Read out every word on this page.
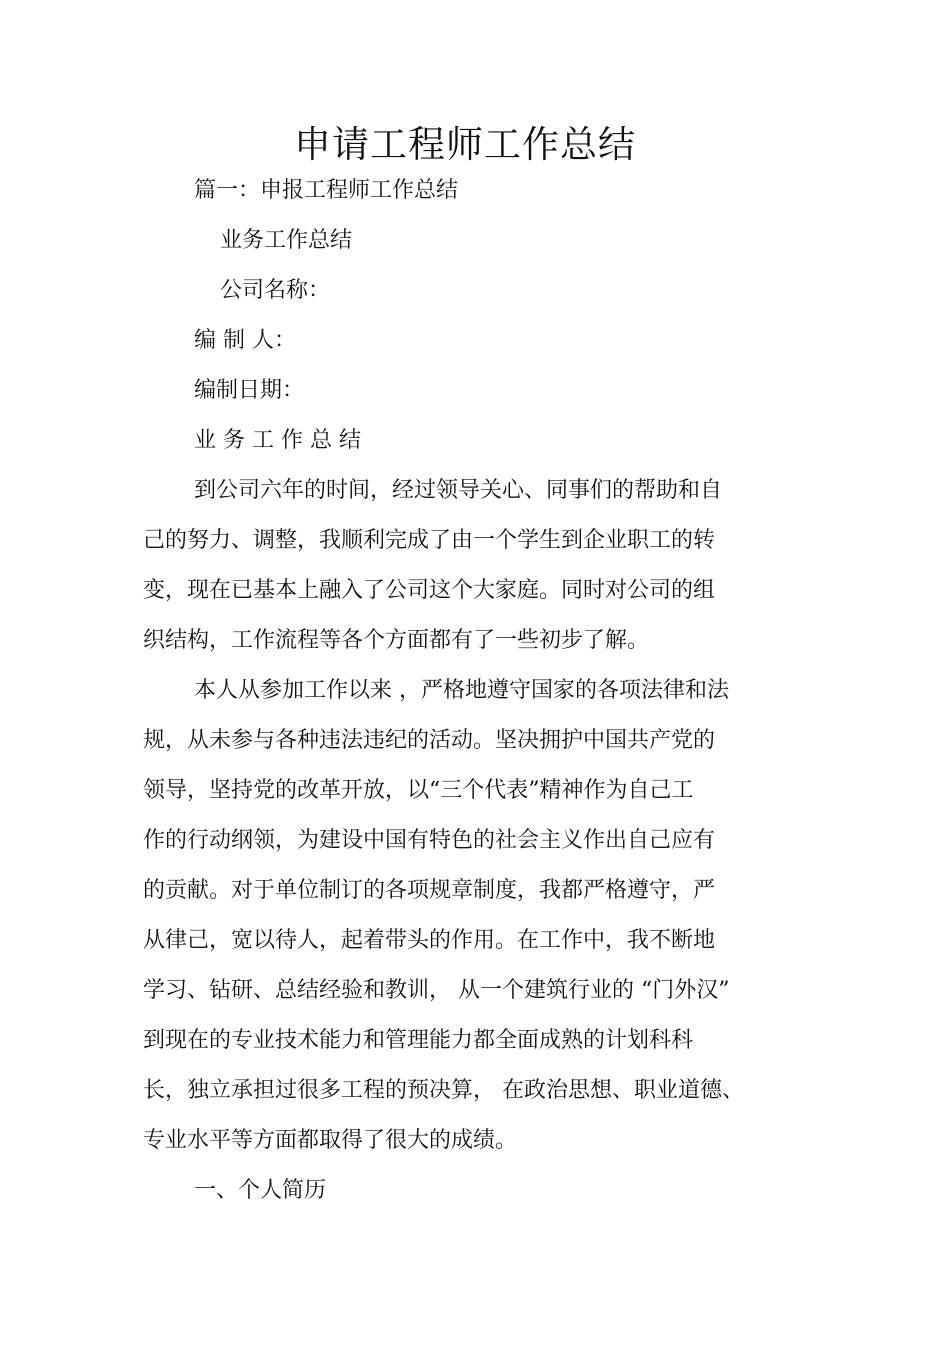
申请工程师工作总结
篇一：申报工程师工作总结
业务工作总结
公司名称：
编 制 人：
编制日期：
业 务 工 作 总 结
到公司六年的时间，经过领导关心、同事们的帮助和自
己的努力、调整，我顺利完成了由一个学生到企业职工的转
变，现在已基本上融入了公司这个大家庭。同时对公司的组
织结构，工作流程等各个方面都有了一些初步了解。
本人从参加工作以来 ，严格地遵守国家的各项法律和法
规，从未参与各种违法违纪的活动。坚决拥护中国共产党的
领导，坚持党的改革开放，以“三个代表”精神作为自己工
作的行动纲领，为建设中国有特色的社会主义作出自己应有
的贡献。对于单位制订的各项规章制度，我都严格遵守，严
从律己，宽以待人，起着带头的作用。在工作中，我不断地
学习、钻研、总结经验和教训， 从一个建筑行业的 “门外汉”
到现在的专业技术能力和管理能力都全面成熟的计划科科
长，独立承担过很多工程的预决算， 在政治思想、职业道德、
专业水平等方面都取得了很大的成绩。
一、个人简历
